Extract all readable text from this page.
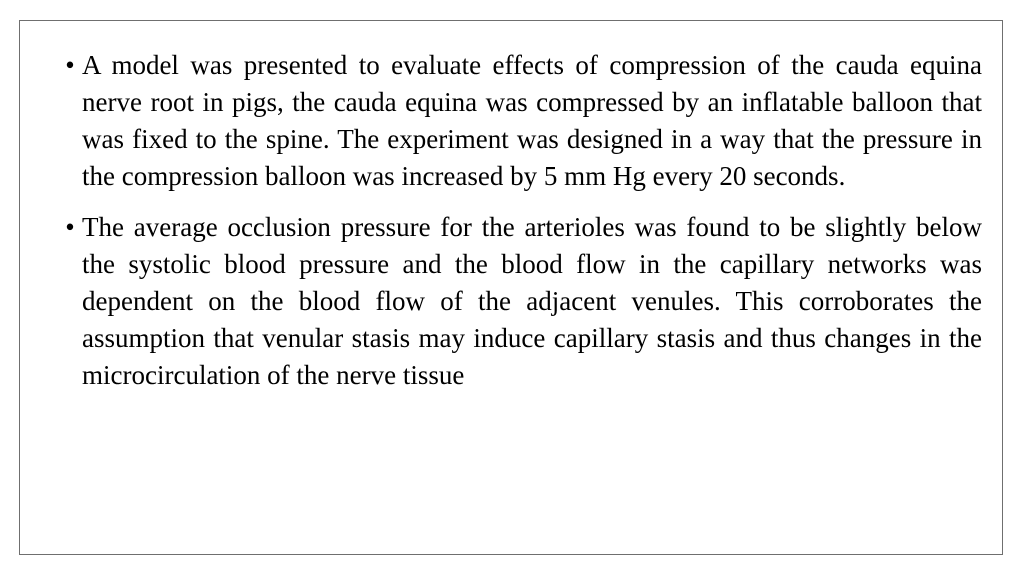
• A model was presented to evaluate effects of compression of the cauda equina nerve root in pigs, the cauda equina was compressed by an inflatable balloon that was fixed to the spine. The experiment was designed in a way that the pressure in the compression balloon was increased by 5 mm Hg every 20 seconds.
• The average occlusion pressure for the arterioles was found to be slightly below the systolic blood pressure and the blood flow in the capillary networks was dependent on the blood flow of the adjacent venules. This corroborates the assumption that venular stasis may induce capillary stasis and thus changes in the microcirculation of the nerve tissue
